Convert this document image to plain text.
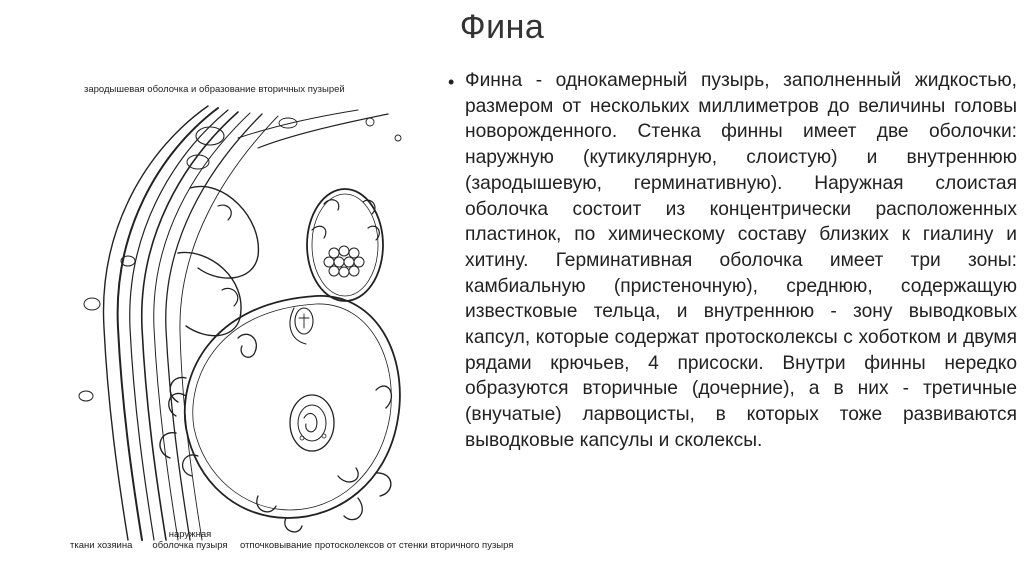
Фина
зародышевая оболочка и образование вторичных пузырей
ткани хозяина
наружная оболочка пузыря отпочковывание протосколексов от стенки вторичного пузыря
• Финна - однокамерный пузырь, заполненный жидкостью, размером от нескольких миллиметров до величины головы новорожденного. Стенка финны имеет две оболочки: наружную (кутикулярную, слоистую) и внутреннюю (зародышевую, герминативную). Наружная слоистая оболочка состоит из концентрически расположенных пластинок, по химическому составу близких к гиалину и хитину. Герминативная оболочка имеет три зоны: камбиальную (пристеночную), среднюю, содержащую известковые тельца, и внутреннюю - зону выводковых капсул, которые содержат протосколексы с хоботком и двумя рядами крючьев, 4 присоски. Внутри финны нередко образуются вторичные (дочерние), а в них - третичные (внучатые) ларвоцисты, в которых тоже развиваются выводковые капсулы и сколексы.
